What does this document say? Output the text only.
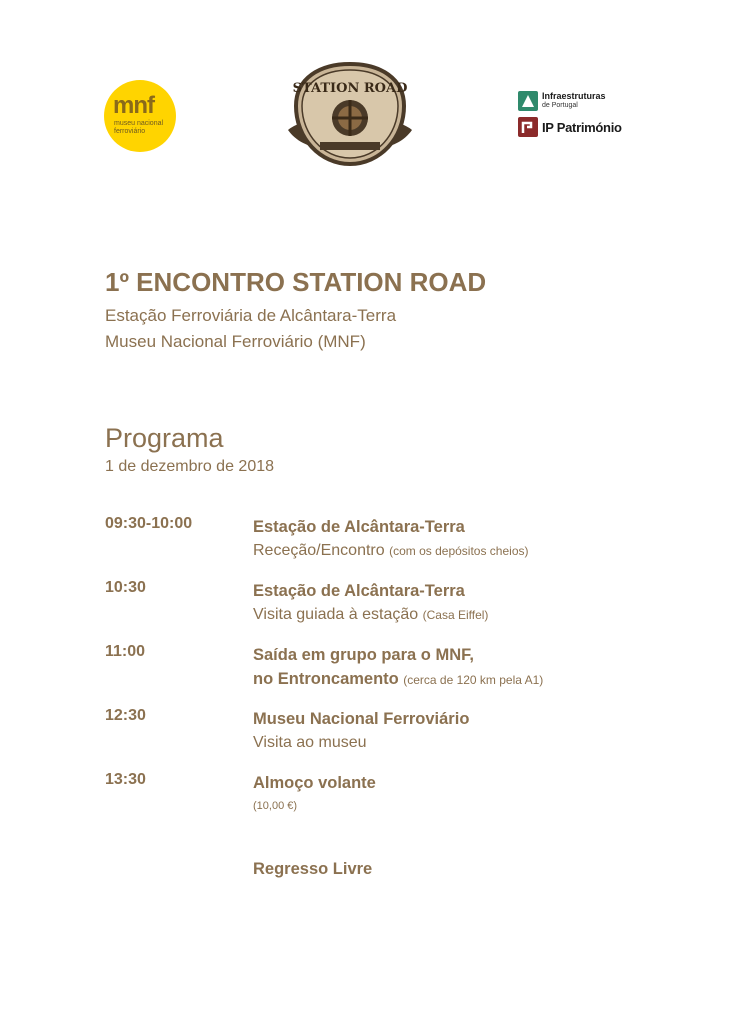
mnf
museu nacional
ferroviário
STATION ROAD	Infraestruturas
de Portugal
IP Património
1º ENCONTRO STATION ROAD
Estação Ferroviária de Alcântara-Terra
Museu Nacional Ferroviário (MNF)
Programa
1 de dezembro de 2018
09:30-10:00	Estação de Alcântara-Terra
Receção/Encontro (com os depósitos cheios)
10:30	Estação de Alcântara-Terra
Visita guiada à estação (Casa Eiffel)
11:00	Saída em grupo para o MNF,
no Entroncamento (cerca de 120 km pela A1)
12:30	Museu Nacional Ferroviário
Visita ao museu
13:30	Almoço volante
(10,00 €)
Regresso Livre
